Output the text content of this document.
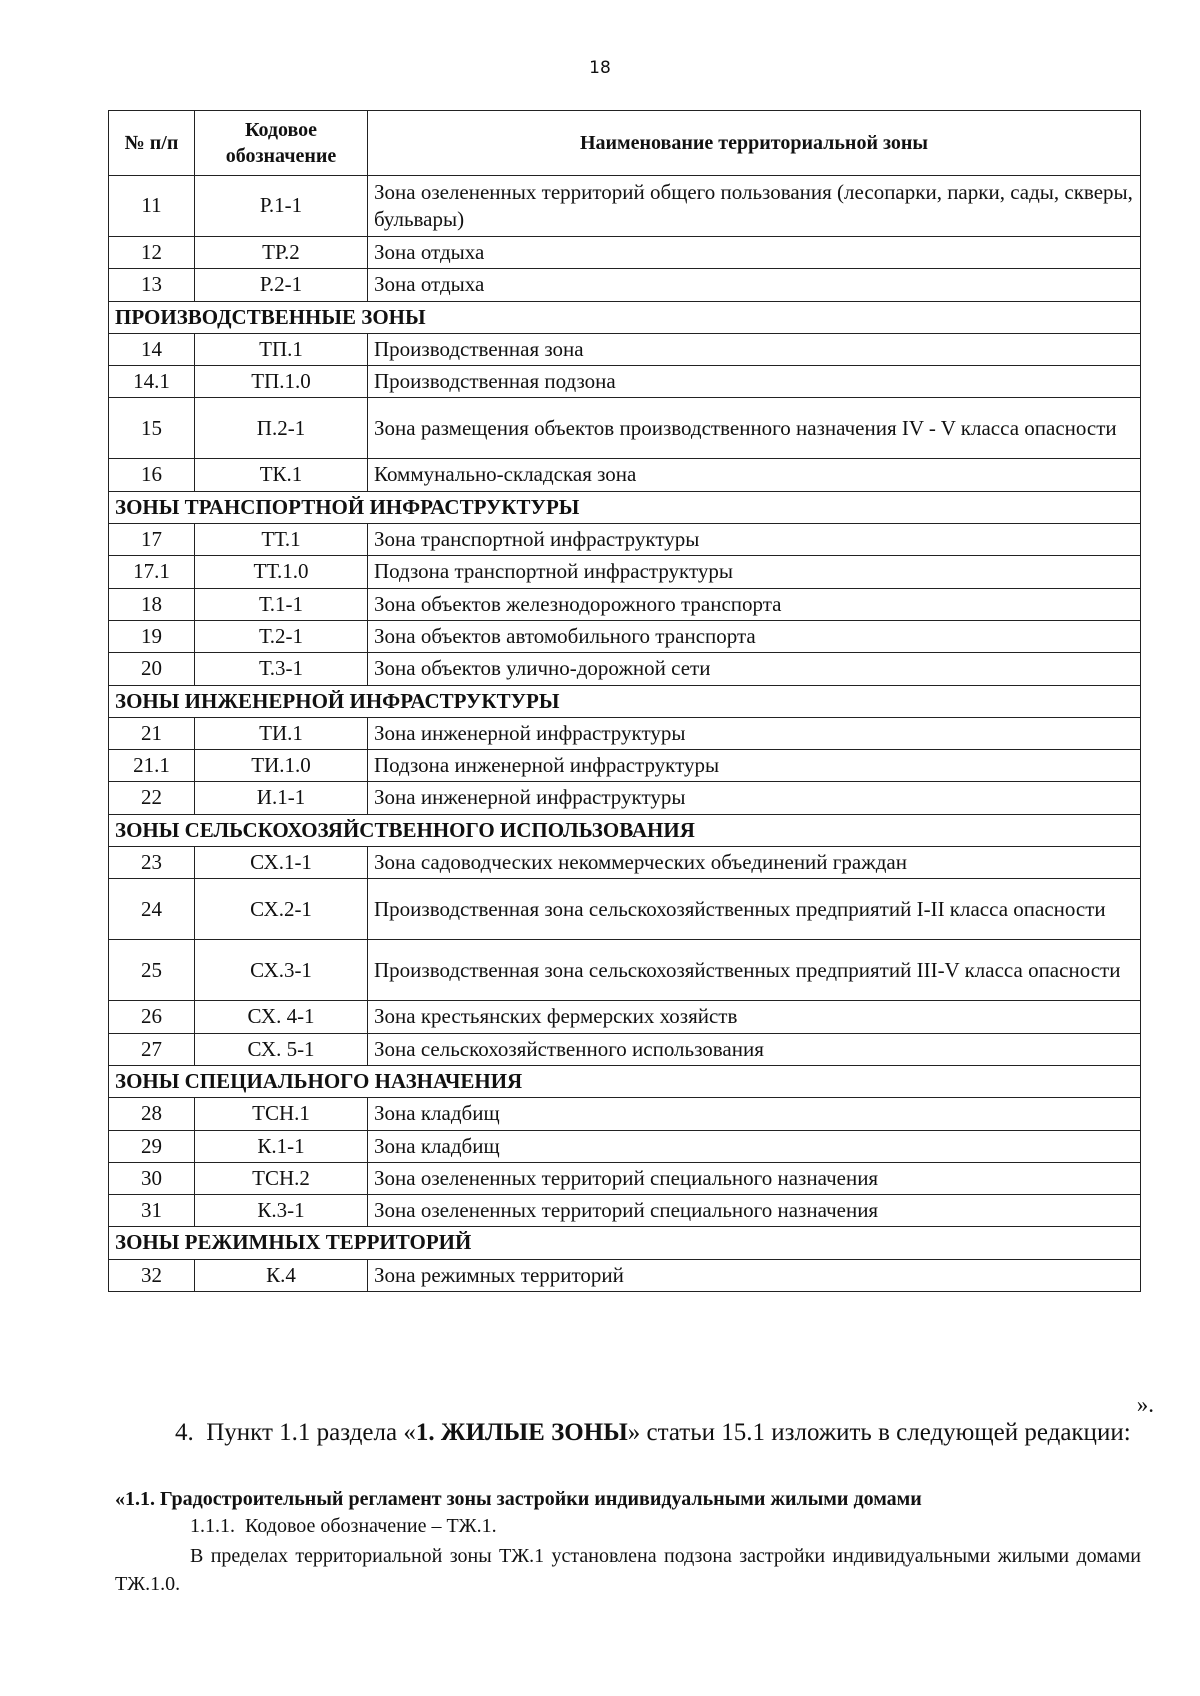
18
№ п/п	Кодовое обозначение	Наименование территориальной зоны
11	Р.1-1	Зона озелененных территорий общего пользования (лесопарки, парки, сады, скверы, бульвары)
12	ТР.2	Зона отдыха
13	Р.2-1	Зона отдыха
ПРОИЗВОДСТВЕННЫЕ ЗОНЫ		
14	ТП.1	Производственная зона
14.1	ТП.1.0	Производственная подзона
15	П.2-1	Зона размещения объектов производственного назначения IV - V класса опасности
16	ТК.1	Коммунально-складская зона
ЗОНЫ ТРАНСПОРТНОЙ ИНФРАСТРУКТУРЫ		
17	ТТ.1	Зона транспортной инфраструктуры
17.1	ТТ.1.0	Подзона транспортной инфраструктуры
18	Т.1-1	Зона объектов железнодорожного транспорта
19	Т.2-1	Зона объектов автомобильного транспорта
20	Т.3-1	Зона объектов улично-дорожной сети
ЗОНЫ ИНЖЕНЕРНОЙ ИНФРАСТРУКТУРЫ		
21	ТИ.1	Зона инженерной инфраструктуры
21.1	ТИ.1.0	Подзона инженерной инфраструктуры
22	И.1-1	Зона инженерной инфраструктуры
ЗОНЫ СЕЛЬСКОХОЗЯЙСТВЕННОГО ИСПОЛЬЗОВАНИЯ		
23	СХ.1-1	Зона садоводческих некоммерческих объединений граждан
24	СХ.2-1	Производственная зона сельскохозяйственных предприятий I-II класса опасности
25	СХ.3-1	Производственная зона сельскохозяйственных предприятий III-V класса опасности
26	СХ. 4-1	Зона крестьянских фермерских хозяйств
27	СХ. 5-1	Зона сельскохозяйственного использования
ЗОНЫ СПЕЦИАЛЬНОГО НАЗНАЧЕНИЯ		
28	ТСН.1	Зона кладбищ
29	К.1-1	Зона кладбищ
30	ТСН.2	Зона озелененных территорий специального назначения
31	К.3-1	Зона озелененных территорий специального назначения
ЗОНЫ РЕЖИМНЫХ ТЕРРИТОРИЙ		
32	К.4	Зона режимных территорий
».
4. Пункт 1.1 раздела «1. ЖИЛЫЕ ЗОНЫ» статьи 15.1 изложить в следующей редакции:
«1.1. Градостроительный регламент зоны застройки индивидуальными жилыми домами
1.1.1. Кодовое обозначение – ТЖ.1.
В пределах территориальной зоны ТЖ.1 установлена подзона застройки индивидуальными жилыми домами ТЖ.1.0.
